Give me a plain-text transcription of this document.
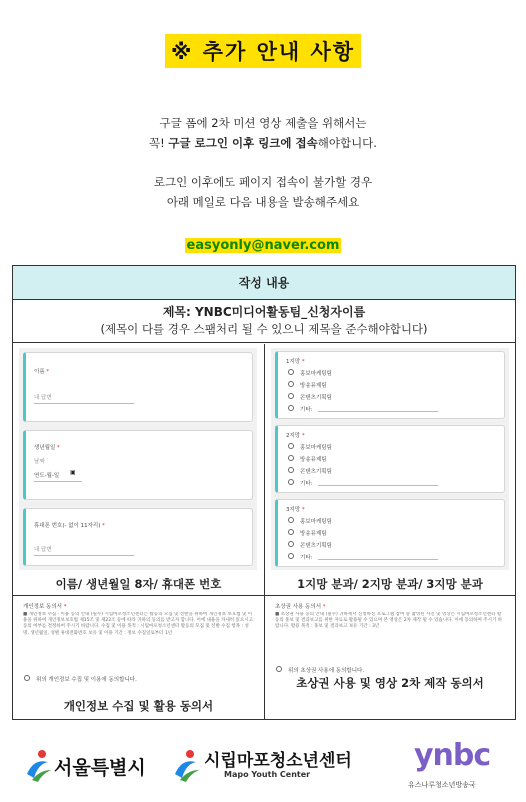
※ 추가 안내 사항
구글 폼에 2차 미션 영상 제출을 위해서는
꼭! 구글 로그인 이후 링크에 접속해야합니다.
로그인 이후에도 페이지 접속이 불가할 경우
아래 메일로 다음 내용을 발송해주세요
easyonly@naver.com
작성 내용
제목: YNBC미디어활동팀_신청자이름
(제목이 다를 경우 스팸처리 될 수 있으니 제목을 준수해야합니다)
이름 *
내 답변
생년월일 *
날짜
연도-월-일 ▣
휴대폰 번호(- 없이 11자리) *
내 답변
이름/ 생년월일 8자/ 휴대폰 번호
1지망 *
홍보마케팅팀
방송뮤제팀
콘텐츠기획팀
기타:
2지망 *
홍보마케팅팀
방송뮤제팀
콘텐츠기획팀
기타:
3지망 *
홍보마케팅팀
방송뮤제팀
콘텐츠기획팀
기타:
1지망 분과/ 2지망 분과/ 3지망 분과
개인정보 동의서 *
■ 개인정보 수집 · 이용 동의 안내 (필수) 시립마포청소년센터는 활동의 모집 및 선발을 위하여 개인정보 보호법 및 이용을 위하여 개인정보보호법 제15조 및 제22조 등에 따라 귀하의 동의를 받고자 합니다. 이에 내용을 자세히 읽으시고 동의 여부를 결정하여 주시기 바랍니다. 수집 및 이용 목적 : 시립마포청소년센터 활동의 모집 및 선발 수집 항목 : 성명, 생년월일, 성별 휴대전화번호 보유 및 이용 기간 : 정보 수집일로부터 1년
위의 개인정보 수집 및 이용에 동의합니다.
개인정보 수집 및 활용 동의서
초상권 사용 동의서 *
■ 초상권 사용 동의 안내 (필수) 귀하께서 신청하신 프로그램 참여 중 촬영된 사진 및 영상은 시립마포청소년센터 활동의 홍보 및 결과보고를 위한 자료로 활용될 수 있으며 본 영상은 2차 제작 될 수 있습니다. 이에 동의하여 주시기 바랍니다. 활용 목적 : 홍보 및 결과보고 보유 기간 : 3년
위의 초상권 사용에 동의합니다.
초상권 사용 및 영상 2차 제작 동의서
서울특별시	시립마포청소년센터
Mapo Youth Center
ynbc
유스나루청소년방송국
